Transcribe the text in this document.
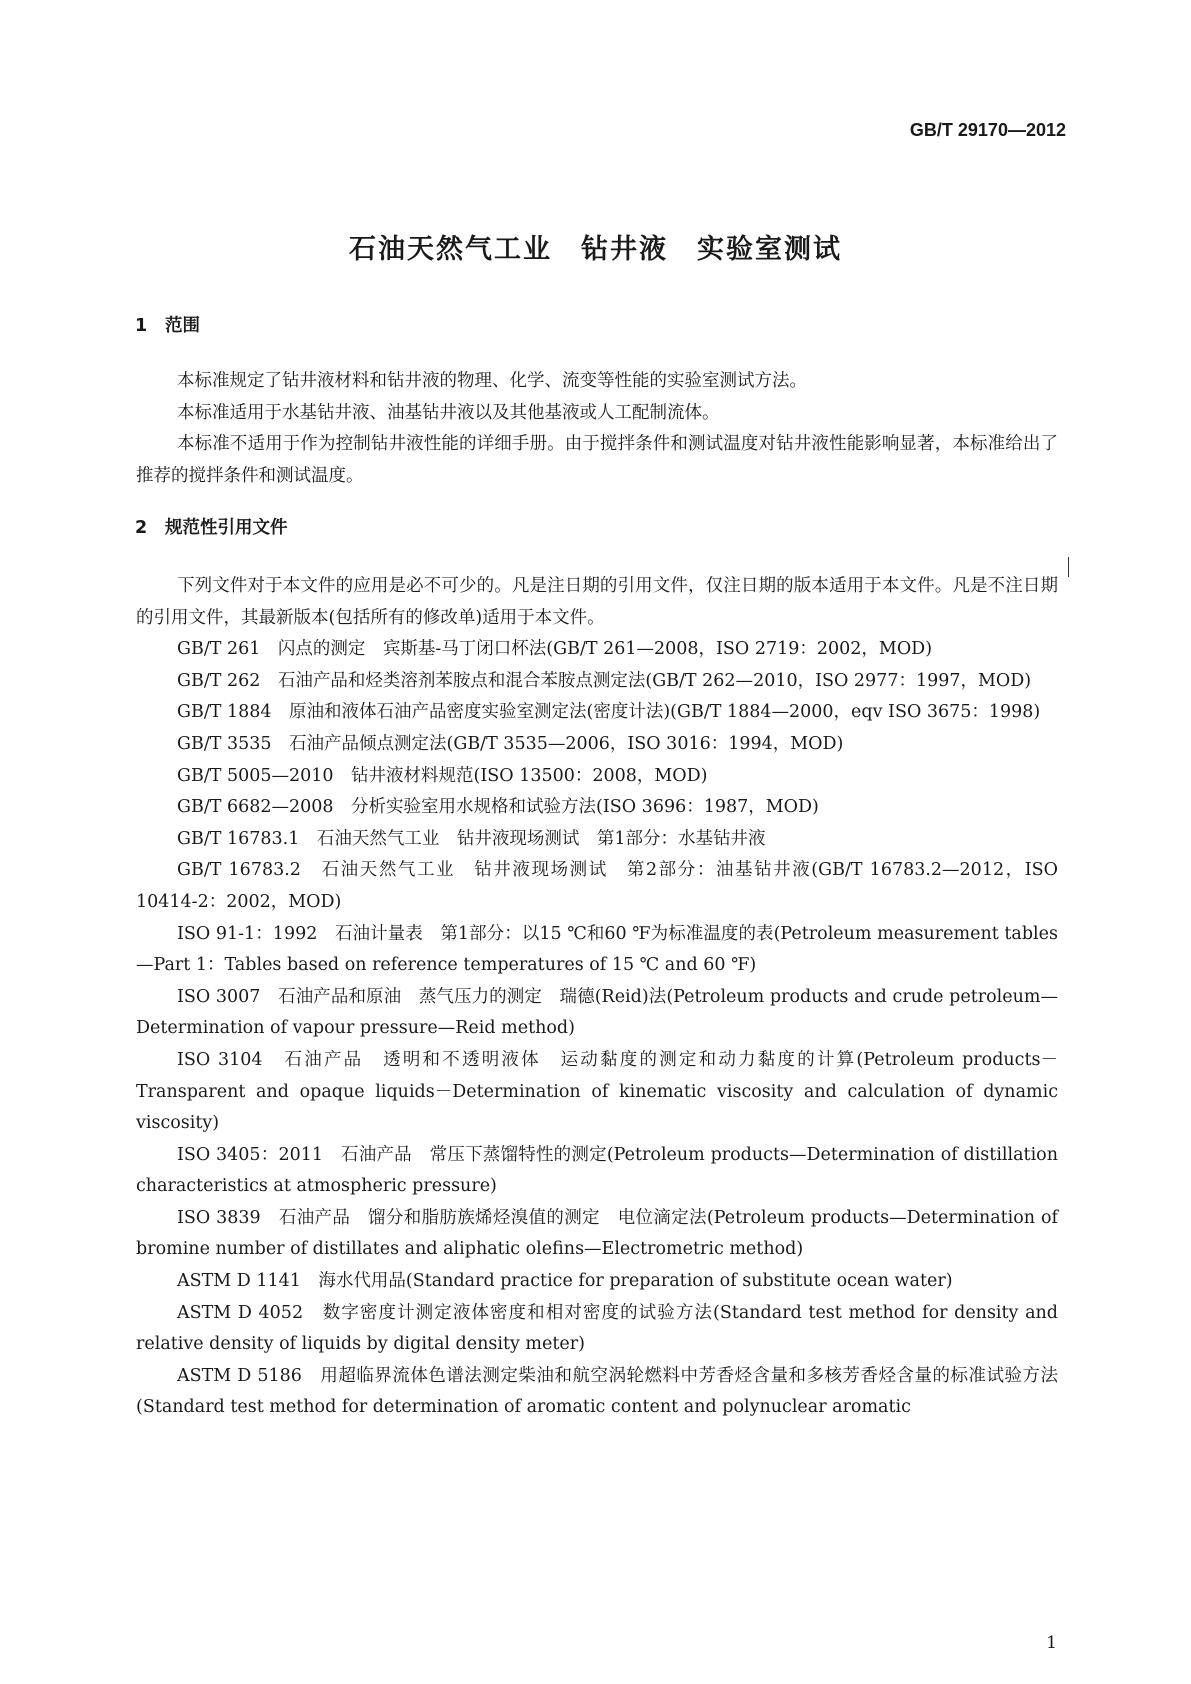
GB/T 29170—2012
石油天然气工业　钻井液　实验室测试
1 范围

本标准规定了钻井液材料和钻井液的物理、化学、流变等性能的实验室测试方法。

本标准适用于水基钻井液、油基钻井液以及其他基液或人工配制流体。

本标准不适用于作为控制钻井液性能的详细手册。由于搅拌条件和测试温度对钻井液性能影响显著，本标准给出了推荐的搅拌条件和测试温度。

2 规范性引用文件

下列文件对于本文件的应用是必不可少的。凡是注日期的引用文件，仅注日期的版本适用于本文件。凡是不注日期的引用文件，其最新版本(包括所有的修改单)适用于本文件。

GB/T 261　闪点的测定　宾斯基-马丁闭口杯法(GB/T 261—2008，ISO 2719：2002，MOD)

GB/T 262　石油产品和烃类溶剂苯胺点和混合苯胺点测定法(GB/T 262—2010，ISO 2977：1997，MOD)

GB/T 1884　原油和液体石油产品密度实验室测定法(密度计法)(GB/T 1884—2000，eqv ISO 3675：1998)

GB/T 3535　石油产品倾点测定法(GB/T 3535—2006，ISO 3016：1994，MOD)

GB/T 5005—2010　钻井液材料规范(ISO 13500：2008，MOD)

GB/T 6682—2008　分析实验室用水规格和试验方法(ISO 3696：1987，MOD)

GB/T 16783.1　石油天然气工业　钻井液现场测试　第1部分：水基钻井液

GB/T 16783.2　石油天然气工业　钻井液现场测试　第2部分：油基钻井液(GB/T 16783.2—2012，ISO 10414-2：2002，MOD)

ISO 91-1：1992　石油计量表　第1部分：以15 ℃和60 ℉为标准温度的表(Petroleum measurement tables—Part 1：Tables based on reference temperatures of 15 ℃ and 60 ℉)

ISO 3007　石油产品和原油　蒸气压力的测定　瑞德(Reid)法(Petroleum products and crude petroleum—Determination of vapour pressure—Reid method)

ISO 3104　石油产品　透明和不透明液体　运动黏度的测定和动力黏度的计算(Petroleum products－Transparent and opaque liquids－Determination of kinematic viscosity and calculation of dynamic viscosity)

ISO 3405：2011　石油产品　常压下蒸馏特性的测定(Petroleum products—Determination of distillation characteristics at atmospheric pressure)

ISO 3839　石油产品　馏分和脂肪族烯烃溴值的测定　电位滴定法(Petroleum products—Determination of bromine number of distillates and aliphatic olefins—Electrometric method)

ASTM D 1141　海水代用品(Standard practice for preparation of substitute ocean water)

ASTM D 4052　数字密度计测定液体密度和相对密度的试验方法(Standard test method for density and relative density of liquids by digital density meter)

ASTM D 5186　用超临界流体色谱法测定柴油和航空涡轮燃料中芳香烃含量和多核芳香烃含量的标准试验方法(Standard test method for determination of aromatic content and polynuclear aromatic

1
